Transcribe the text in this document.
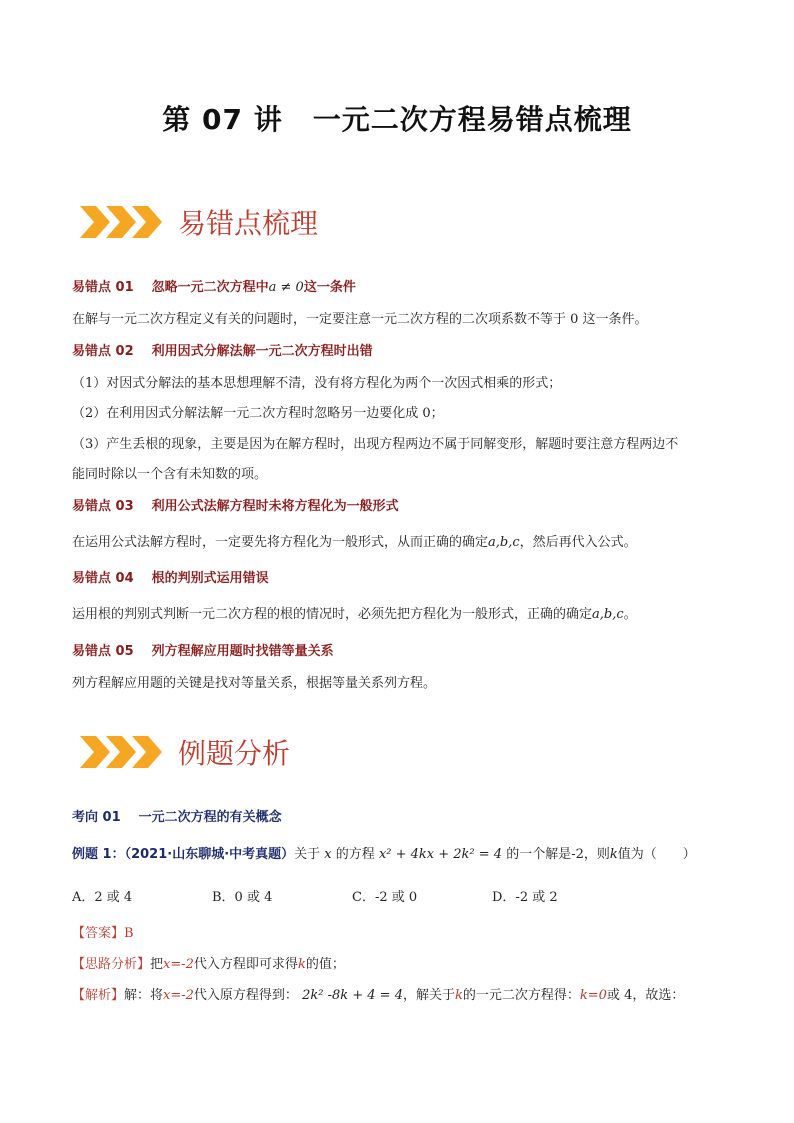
第 07 讲 一元二次方程易错点梳理
易错点梳理
易错点 01 忽略一元二次方程中a ≠ 0这一条件
在解与一元二次方程定义有关的问题时，一定要注意一元二次方程的二次项系数不等于 0 这一条件。
易错点 02 利用因式分解法解一元二次方程时出错
（1）对因式分解法的基本思想理解不清，没有将方程化为两个一次因式相乘的形式；
（2）在利用因式分解法解一元二次方程时忽略另一边要化成 0；
（3）产生丢根的现象，主要是因为在解方程时，出现方程两边不属于同解变形，解题时要注意方程两边不
能同时除以一个含有未知数的项。
易错点 03 利用公式法解方程时未将方程化为一般形式
在运用公式法解方程时，一定要先将方程化为一般形式，从而正确的确定a,b,c，然后再代入公式。
易错点 04 根的判别式运用错误
运用根的判别式判断一元二次方程的根的情况时，必须先把方程化为一般形式，正确的确定a,b,c。
易错点 05 列方程解应用题时找错等量关系
列方程解应用题的关键是找对等量关系，根据等量关系列方程。
例题分析
考向 01 一元二次方程的有关概念
例题 1：（2021·山东聊城·中考真题）关于 x 的方程 x² + 4kx + 2k² = 4 的一个解是-2，则k值为（　　）
A．2 或 4	B．0 或 4	C．-2 或 0	D．-2 或 2
【答案】B
【思路分析】把x=-2代入方程即可求得k的值；
【解析】解：将x=-2代入原方程得到： 2k² -8k + 4 = 4，解关于k的一元二次方程得：k=0或 4，故选：
